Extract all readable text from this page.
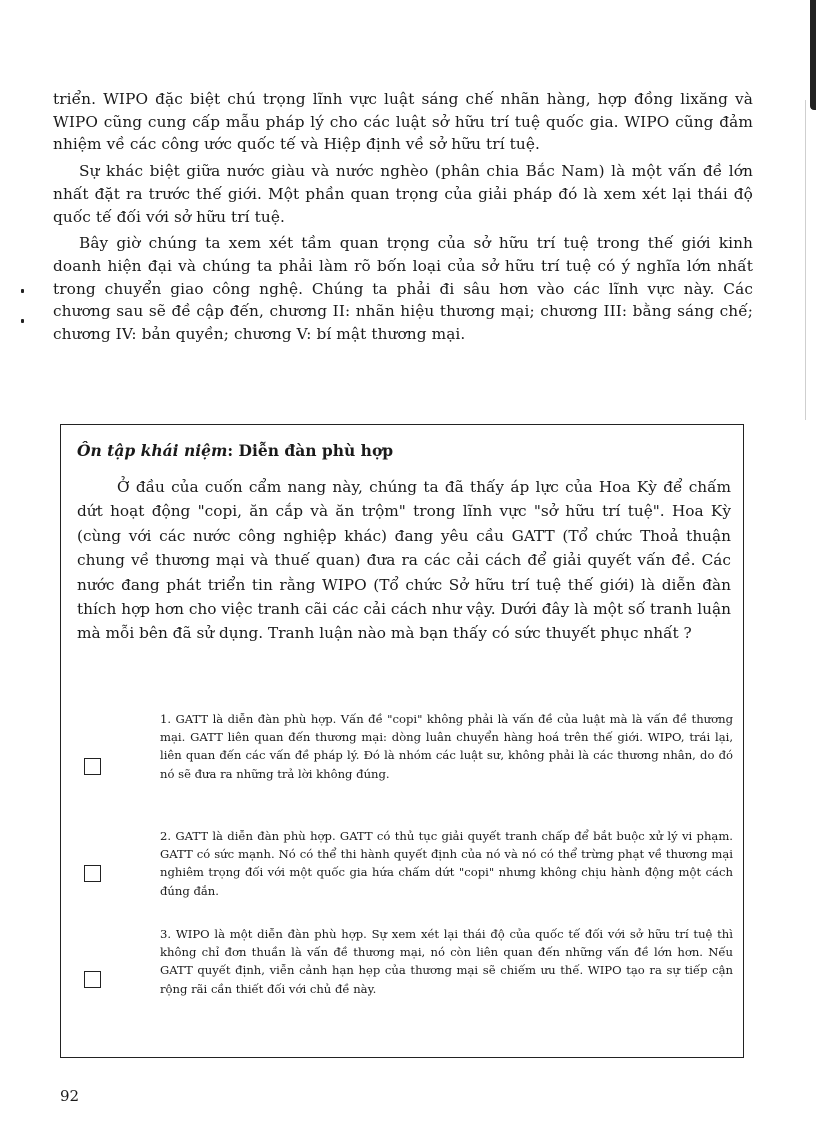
triển. WIPO đặc biệt chú trọng lĩnh vực luật sáng chế nhãn hàng, hợp đồng lixăng và WIPO cũng cung cấp mẫu pháp lý cho các luật sở hữu trí tuệ quốc gia. WIPO cũng đảm nhiệm về các công ước quốc tế và Hiệp định về sở hữu trí tuệ.

Sự khác biệt giữa nước giàu và nước nghèo (phân chia Bắc Nam) là một vấn đề lớn nhất đặt ra trước thế giới. Một phần quan trọng của giải pháp đó là xem xét lại thái độ quốc tế đối với sở hữu trí tuệ.

Bây giờ chúng ta xem xét tầm quan trọng của sở hữu trí tuệ trong thế giới kinh doanh hiện đại và chúng ta phải làm rõ bốn loại của sở hữu trí tuệ có ý nghĩa lớn nhất trong chuyển giao công nghệ. Chúng ta phải đi sâu hơn vào các lĩnh vực này. Các chương sau sẽ đề cập đến, chương II: nhãn hiệu thương mại; chương III: bằng sáng chế; chương IV: bản quyền; chương V: bí mật thương mại.

Ôn tập khái niệm: Diễn đàn phù hợp

Ở đầu của cuốn cẩm nang này, chúng ta đã thấy áp lực của Hoa Kỳ để chấm dứt hoạt động "copi, ăn cắp và ăn trộm" trong lĩnh vực "sở hữu trí tuệ". Hoa Kỳ (cùng với các nước công nghiệp khác) đang yêu cầu GATT (Tổ chức Thoả thuận chung về thương mại và thuế quan) đưa ra các cải cách để giải quyết vấn đề. Các nước đang phát triển tin rằng WIPO (Tổ chức Sở hữu trí tuệ thế giới) là diễn đàn thích hợp hơn cho việc tranh cãi các cải cách như vậy. Dưới đây là một số tranh luận mà mỗi bên đã sử dụng. Tranh luận nào mà bạn thấy có sức thuyết phục nhất ?

1. GATT là diễn đàn phù hợp. Vấn đề "copi" không phải là vấn đề của luật mà là vấn đề thương mại. GATT liên quan đến thương mại: dòng luân chuyển hàng hoá trên thế giới. WIPO, trái lại, liên quan đến các vấn đề pháp lý. Đó là nhóm các luật sư, không phải là các thương nhân, do đó nó sẽ đưa ra những trả lời không đúng.

2. GATT là diễn đàn phù hợp. GATT có thủ tục giải quyết tranh chấp để bắt buộc xử lý vi phạm. GATT có sức mạnh. Nó có thể thi hành quyết định của nó và nó có thể trừng phạt về thương mại nghiêm trọng đối với một quốc gia hứa chấm dứt "copi" nhưng không chịu hành động một cách đúng đắn.

3. WIPO là một diễn đàn phù hợp. Sự xem xét lại thái độ của quốc tế đối với sở hữu trí tuệ thì không chỉ đơn thuần là vấn đề thương mại, nó còn liên quan đến những vấn đề lớn hơn. Nếu GATT quyết định, viễn cảnh hạn hẹp của thương mại sẽ chiếm ưu thế. WIPO tạo ra sự tiếp cận rộng rãi cần thiết đối với chủ đề này.

92
